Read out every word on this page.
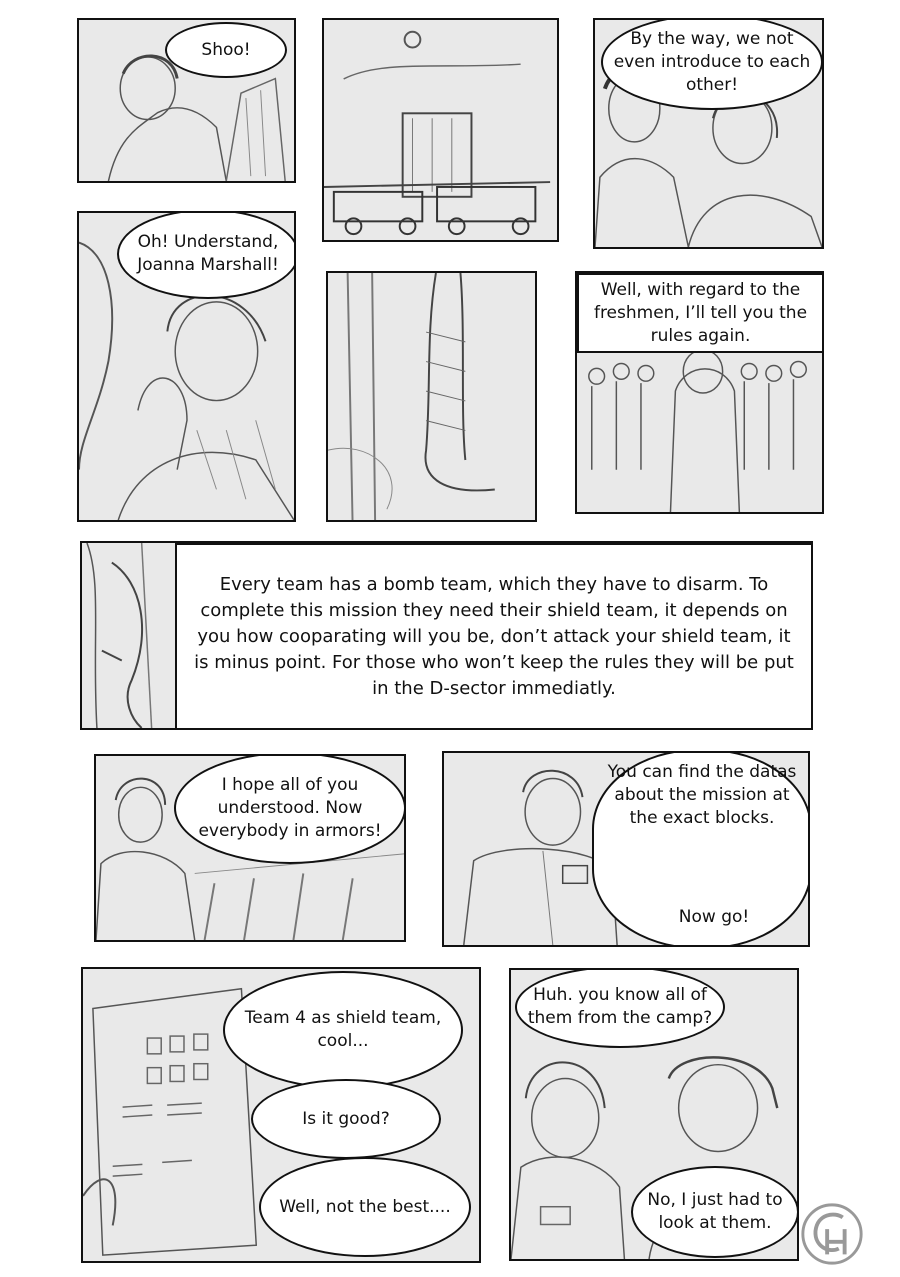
Shoo!
By the way, we not even introduce to each other!
Oh! Understand, Joanna Marshall!
Well, with regard to the freshmen, I’ll tell you the rules again.
Every team has a bomb team, which they have to disarm. To complete this mission they need their shield team, it depends on you how cooparating will you be, don’t attack your shield team, it is minus point. For those who won’t keep the rules they will be put in the D-sector immediatly.
I hope all of you understood. Now everybody in armors!
You can find the datas about the mission at the exact blocks.
Now go!
Team 4 as shield team, cool...
Is it good?
Well, not the best....
Huh. you know all of them from the camp?
No, I just had to look at them.
